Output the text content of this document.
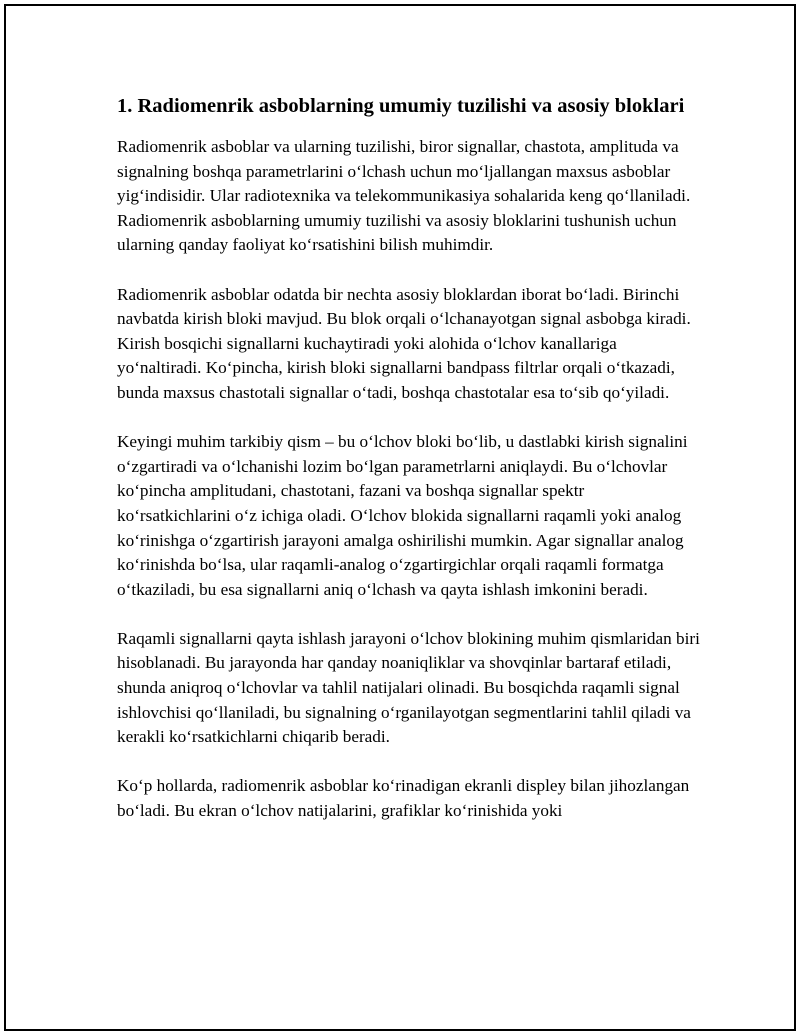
1. Radiomenrik asboblarning umumiy tuzilishi va asosiy bloklari

Radiomenrik asboblar va ularning tuzilishi, biror signallar, chastota, amplituda va signalning boshqa parametrlarini o‘lchash uchun mo‘ljallangan maxsus asboblar yig‘indisidir. Ular radiotexnika va telekommunikasiya sohalarida keng qo‘llaniladi. Radiomenrik asboblarning umumiy tuzilishi va asosiy bloklarini tushunish uchun ularning qanday faoliyat ko‘rsatishini bilish muhimdir.

Radiomenrik asboblar odatda bir nechta asosiy bloklardan iborat bo‘ladi. Birinchi navbatda kirish bloki mavjud. Bu blok orqali o‘lchanayotgan signal asbobga kiradi. Kirish bosqichi signallarni kuchaytiradi yoki alohida o‘lchov kanallariga yo‘naltiradi. Ko‘pincha, kirish bloki signallarni bandpass filtrlar orqali o‘tkazadi, bunda maxsus chastotali signallar o‘tadi, boshqa chastotalar esa to‘sib qo‘yiladi.

Keyingi muhim tarkibiy qism – bu o‘lchov bloki bo‘lib, u dastlabki kirish signalini o‘zgartiradi va o‘lchanishi lozim bo‘lgan parametrlarni aniqlaydi. Bu o‘lchovlar ko‘pincha amplitudani, chastotani, fazani va boshqa signallar spektr ko‘rsatkichlarini o‘z ichiga oladi. O‘lchov blokida signallarni raqamli yoki analog ko‘rinishga o‘zgartirish jarayoni amalga oshirilishi mumkin. Agar signallar analog ko‘rinishda bo‘lsa, ular raqamli-analog o‘zgartirgichlar orqali raqamli formatga o‘tkaziladi, bu esa signallarni aniq o‘lchash va qayta ishlash imkonini beradi.

Raqamli signallarni qayta ishlash jarayoni o‘lchov blokining muhim qismlaridan biri hisoblanadi. Bu jarayonda har qanday noaniqliklar va shovqinlar bartaraf etiladi, shunda aniqroq o‘lchovlar va tahlil natijalari olinadi. Bu bosqichda raqamli signal ishlovchisi qo‘llaniladi, bu signalning o‘rganilayotgan segmentlarini tahlil qiladi va kerakli ko‘rsatkichlarni chiqarib beradi.

Ko‘p hollarda, radiomenrik asboblar ko‘rinadigan ekranli displey bilan jihozlangan bo‘ladi. Bu ekran o‘lchov natijalarini, grafiklar ko‘rinishida yoki
